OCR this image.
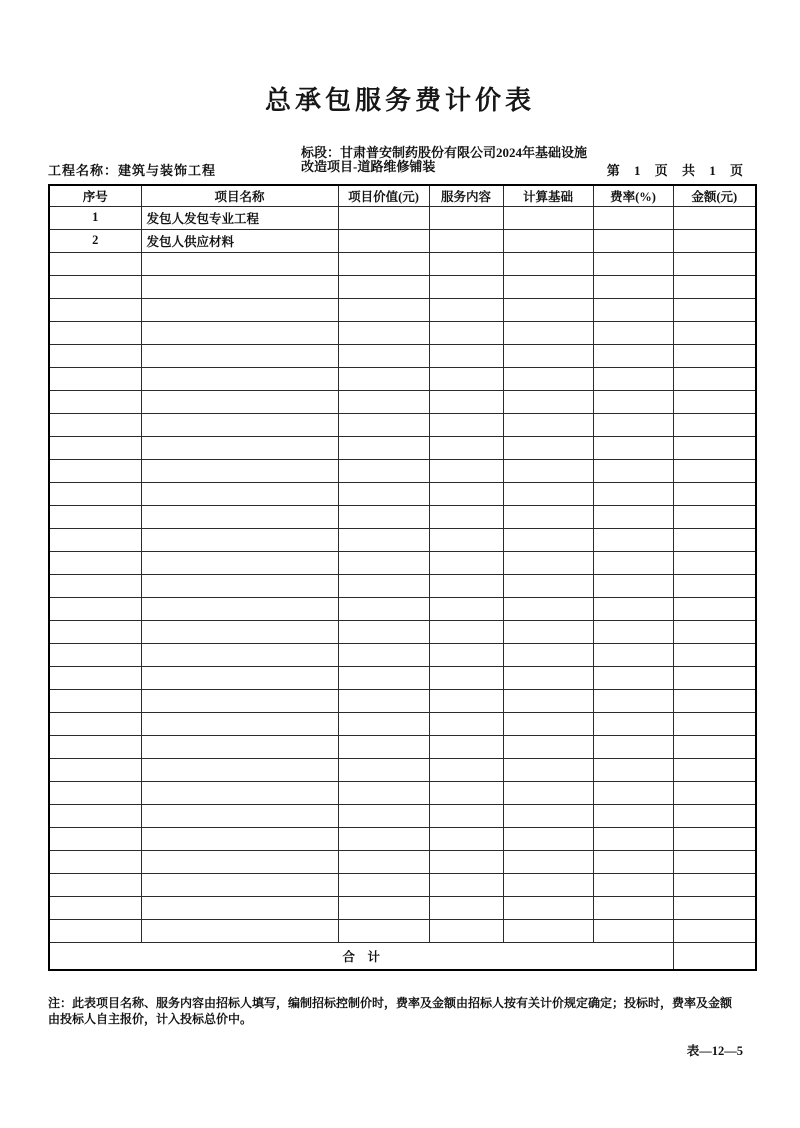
总承包服务费计价表
工程名称：建筑与装饰工程
标段：甘肃普安制药股份有限公司2024年基础设施
改造项目-道路维修铺装	第 1 页 共 1 页
序号	项目名称	项目价值(元)	服务内容	计算基础	费率(%)	金额(元)
1	发包人发包专业工程					
2	发包人供应材料					

合　计						
注：此表项目名称、服务内容由招标人填写，编制招标控制价时，费率及金额由招标人按有关计价规定确定；投标时，费率及金额
由投标人自主报价，计入投标总价中。
表—12—5
